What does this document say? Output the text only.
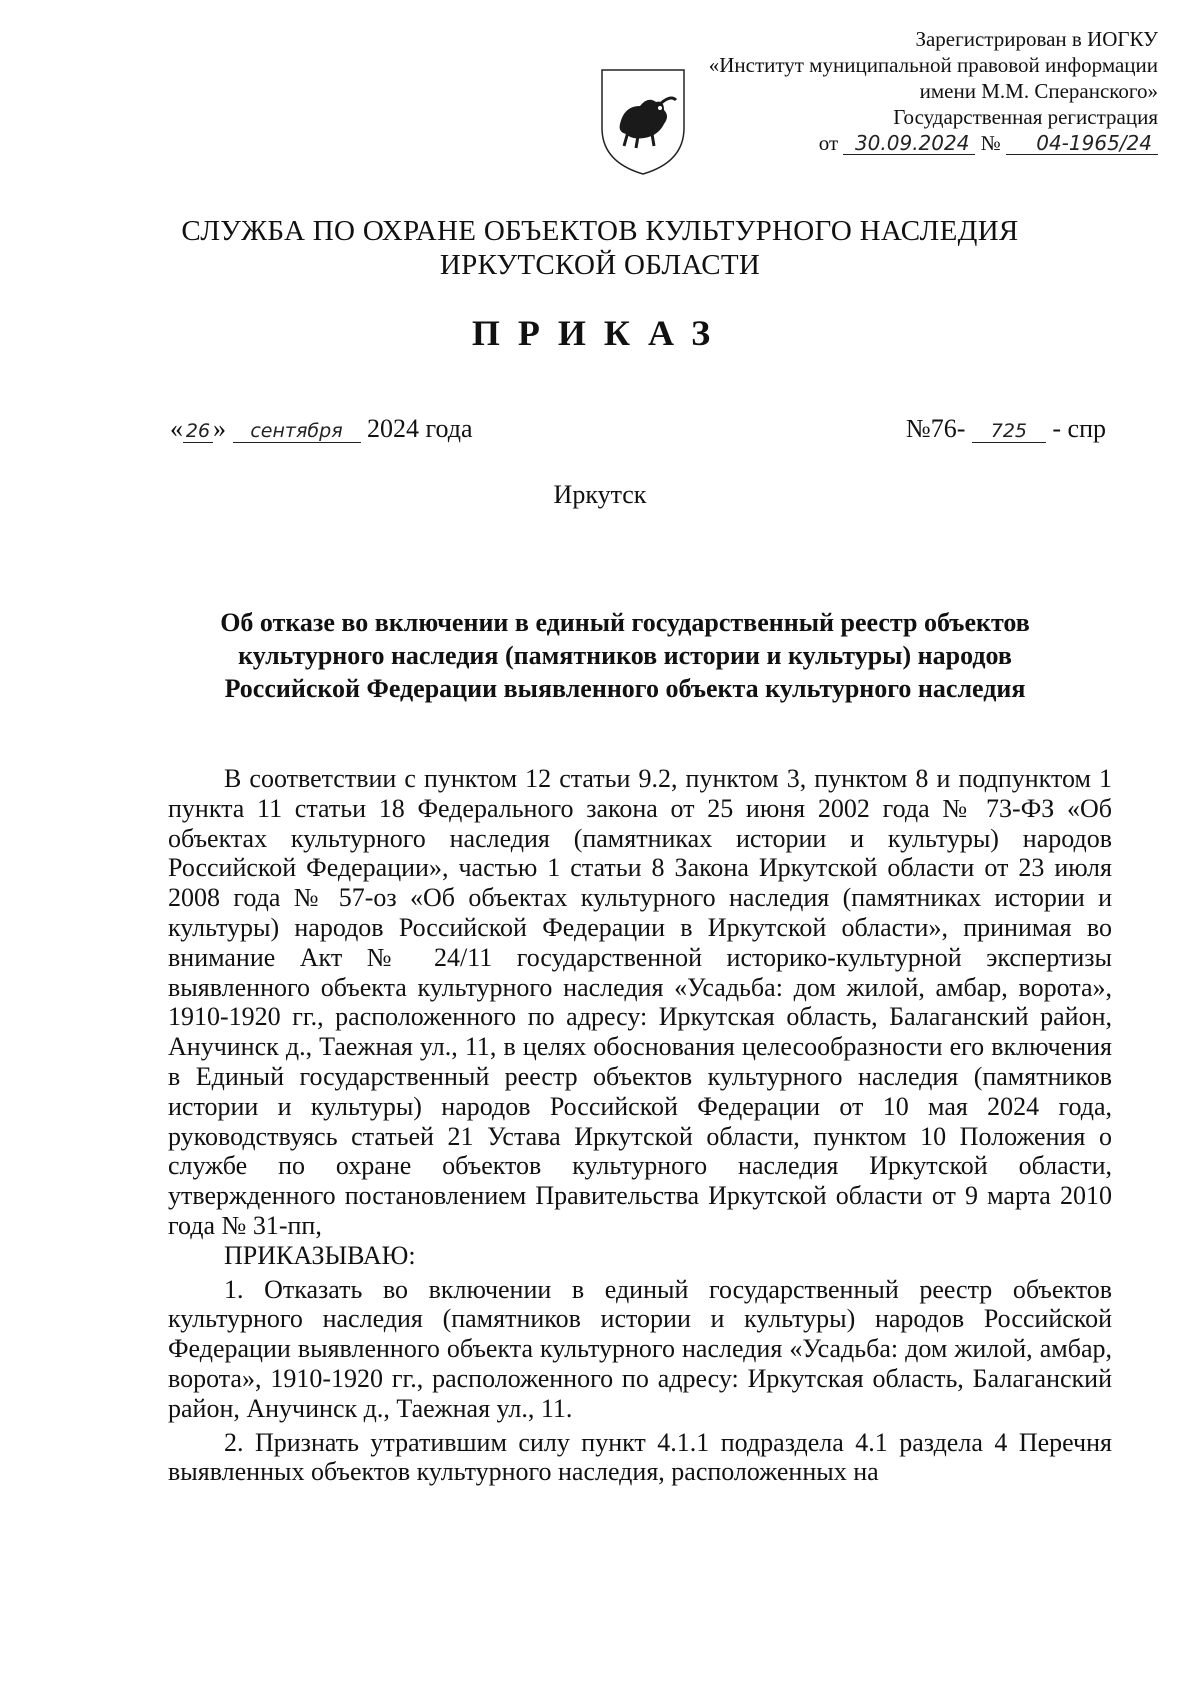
Зарегистрирован в ИОГКУ
«Институт муниципальной правовой информации
имени М.М. Сперанского»
Государственная регистрация
от 30.09.2024 № 04-1965/24
СЛУЖБА ПО ОХРАНЕ ОБЪЕКТОВ КУЛЬТУРНОГО НАСЛЕДИЯ
ИРКУТСКОЙ ОБЛАСТИ
ПРИКАЗ
« 26 » сентября 2024 года	№76- 725 - спр
Иркутск
Об отказе во включении в единый государственный реестр объектов
культурного наследия (памятников истории и культуры) народов
Российской Федерации выявленного объекта культурного наследия

В соответствии с пунктом 12 статьи 9.2, пунктом 3, пунктом 8 и подпунктом 1 пункта 11 статьи 18 Федерального закона от 25 июня 2002 года № 73-ФЗ «Об объектах культурного наследия (памятниках истории и культуры) народов Российской Федерации», частью 1 статьи 8 Закона Иркутской области от 23 июля 2008 года № 57-оз «Об объектах культурного наследия (памятниках истории и культуры) народов Российской Федерации в Иркутской области», принимая во внимание Акт № 24/11 государственной историко-культурной экспертизы выявленного объекта культурного наследия «Усадьба: дом жилой, амбар, ворота», 1910-1920 гг., расположенного по адресу: Иркутская область, Балаганский район, Анучинск д., Таежная ул., 11, в целях обоснования целесообразности его включения в Единый государственный реестр объектов культурного наследия (памятников истории и культуры) народов Российской Федерации от 10 мая 2024 года, руководствуясь статьей 21 Устава Иркутской области, пунктом 10 Положения о службе по охране объектов культурного наследия Иркутской области, утвержденного постановлением Правительства Иркутской области от 9 марта 2010 года № 31-пп,

ПРИКАЗЫВАЮ:

1. Отказать во включении в единый государственный реестр объектов культурного наследия (памятников истории и культуры) народов Российской Федерации выявленного объекта культурного наследия «Усадьба: дом жилой, амбар, ворота», 1910-1920 гг., расположенного по адресу: Иркутская область, Балаганский район, Анучинск д., Таежная ул., 11.

2. Признать утратившим силу пункт 4.1.1 подраздела 4.1 раздела 4 Перечня выявленных объектов культурного наследия, расположенных на
